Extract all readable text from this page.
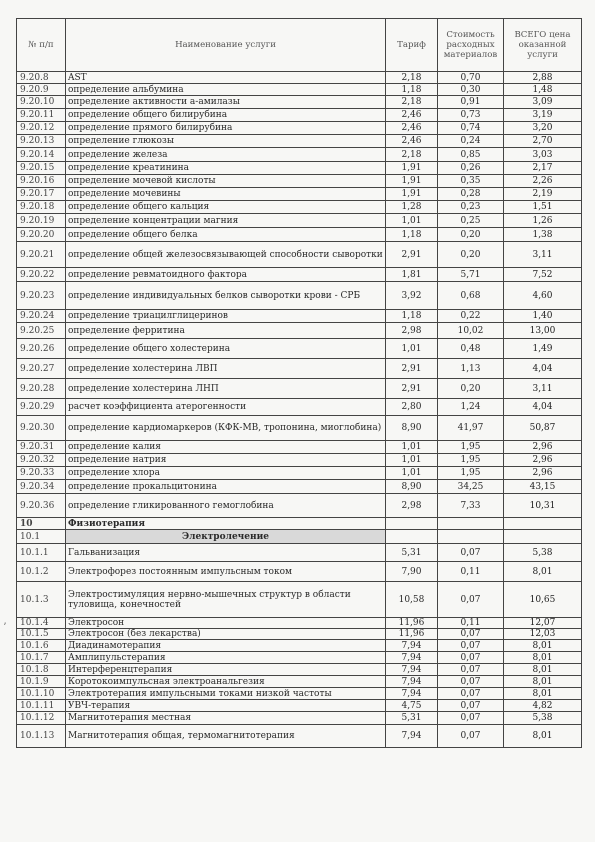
№ п/п	Наименование услуги	Тариф	Стоимость расходных материалов	ВСЕГО цена оказанной услуги
9.20.8	AST	2,18	0,70	2,88
9.20.9	определение альбумина	1,18	0,30	1,48
9.20.10	определение активности а-амилазы	2,18	0,91	3,09
9.20.11	определение общего билирубина	2,46	0,73	3,19
9.20.12	определение прямого билирубина	2,46	0,74	3,20
9.20.13	определение глюкозы	2,46	0,24	2,70
9.20.14	определение железа	2,18	0,85	3,03
9.20.15	определение креатинина	1,91	0,26	2,17
9.20.16	определение мочевой кислоты	1,91	0,35	2,26
9.20.17	определение мочевины	1,91	0,28	2,19
9.20.18	определение общего кальция	1,28	0,23	1,51
9.20.19	определение концентрации магния	1,01	0,25	1,26
9.20.20	определение общего белка	1,18	0,20	1,38
9.20.21	определение общей железосвязывающей способности сыворотки	2,91	0,20	3,11
9.20.22	определение ревматоидного фактора	1,81	5,71	7,52
9.20.23	определение индивидуальных белков сыворотки крови - СРБ	3,92	0,68	4,60
9.20.24	определение триацилглицеринов	1,18	0,22	1,40
9.20.25	определение ферритина	2,98	10,02	13,00
9.20.26	определение общего холестерина	1,01	0,48	1,49
9.20.27	определение холестерина ЛВП	2,91	1,13	4,04
9.20.28	определение холестерина ЛНП	2,91	0,20	3,11
9.20.29	расчет коэффициента атерогенности	2,80	1,24	4,04
9.20.30	определение кардиомаркеров (КФК-МВ, тропонина, миоглобина)	8,90	41,97	50,87
9.20.31	определение калия	1,01	1,95	2,96
9.20.32	определение натрия	1,01	1,95	2,96
9.20.33	определение хлора	1,01	1,95	2,96
9.20.34	определение прокальцитонина	8,90	34,25	43,15
9.20.36	определение гликированного гемоглобина	2,98	7,33	10,31
10	Физиотерапия			
10.1	Электролечение			
10.1.1	Гальванизация	5,31	0,07	5,38
10.1.2	Электрофорез постоянным импульсным током	7,90	0,11	8,01
10.1.3	Электростимуляция нервно-мышечных структур в области туловища, конечностей	10,58	0,07	10,65
10.1.4	Электросон	11,96	0,11	12,07
10.1.5	Электросон (без лекарства)	11,96	0,07	12,03
10.1.6	Диадинамотерапия	7,94	0,07	8,01
10.1.7	Амплипульстерапия	7,94	0,07	8,01
10.1.8	Интерференцтерапия	7,94	0,07	8,01
10.1.9	Коротокоимпульсная электроанальгезия	7,94	0,07	8,01
10.1.10	Электротерапия импульсными токами низкой частоты	7,94	0,07	8,01
10.1.11	УВЧ-терапия	4,75	0,07	4,82
10.1.12	Магнитотерапия местная	5,31	0,07	5,38
10.1.13	Магнитотерапия общая, термомагнитотерапия	7,94	0,07	8,01
ʼ
